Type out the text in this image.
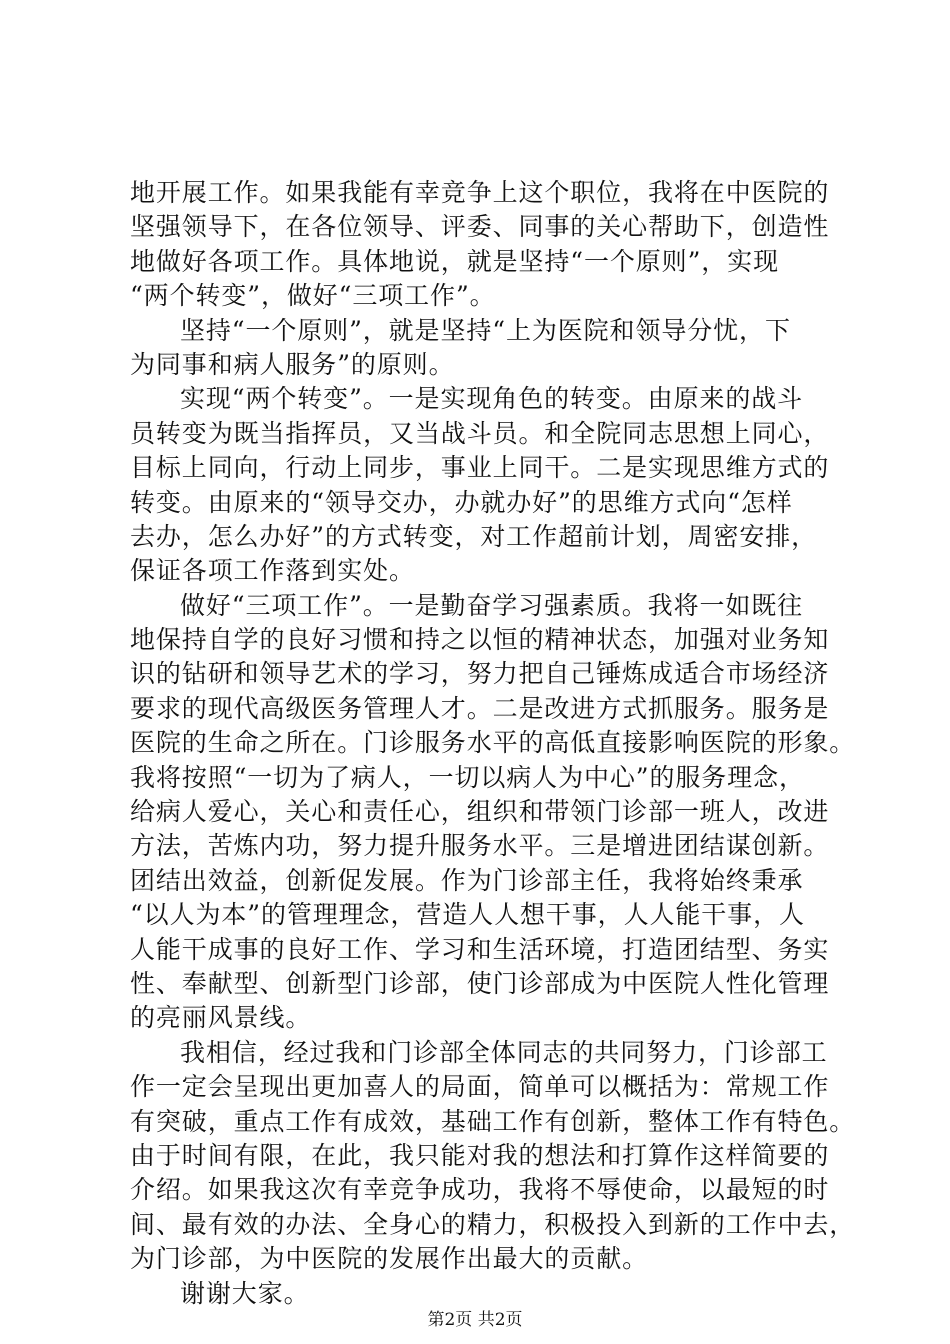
地开展工作。如果我能有幸竞争上这个职位，我将在中医院的
坚强领导下，在各位领导、评委、同事的关心帮助下，创造性
地做好各项工作。具体地说，就是坚持“一个原则”，实现
“两个转变”，做好“三项工作”。
坚持“一个原则”，就是坚持“上为医院和领导分忧，下
为同事和病人服务”的原则。
实现“两个转变”。一是实现角色的转变。由原来的战斗
员转变为既当指挥员，又当战斗员。和全院同志思想上同心，
目标上同向，行动上同步，事业上同干。二是实现思维方式的
转变。由原来的“领导交办，办就办好”的思维方式向“怎样
去办，怎么办好”的方式转变，对工作超前计划，周密安排，
保证各项工作落到实处。
做好“三项工作”。一是勤奋学习强素质。我将一如既往
地保持自学的良好习惯和持之以恒的精神状态，加强对业务知
识的钻研和领导艺术的学习，努力把自己锤炼成适合市场经济
要求的现代高级医务管理人才。二是改进方式抓服务。服务是
医院的生命之所在。门诊服务水平的高低直接影响医院的形象。
我将按照“一切为了病人，一切以病人为中心”的服务理念，
给病人爱心，关心和责任心，组织和带领门诊部一班人，改进
方法，苦炼内功，努力提升服务水平。三是增进团结谋创新。
团结出效益，创新促发展。作为门诊部主任，我将始终秉承
“以人为本”的管理理念，营造人人想干事，人人能干事，人
人能干成事的良好工作、学习和生活环境，打造团结型、务实
性、奉献型、创新型门诊部，使门诊部成为中医院人性化管理
的亮丽风景线。
我相信，经过我和门诊部全体同志的共同努力，门诊部工
作一定会呈现出更加喜人的局面，简单可以概括为：常规工作
有突破，重点工作有成效，基础工作有创新，整体工作有特色。
由于时间有限，在此，我只能对我的想法和打算作这样简要的
介绍。如果我这次有幸竞争成功，我将不辱使命，以最短的时
间、最有效的办法、全身心的精力，积极投入到新的工作中去，
为门诊部，为中医院的发展作出最大的贡献。
谢谢大家。
第2页 共2页
